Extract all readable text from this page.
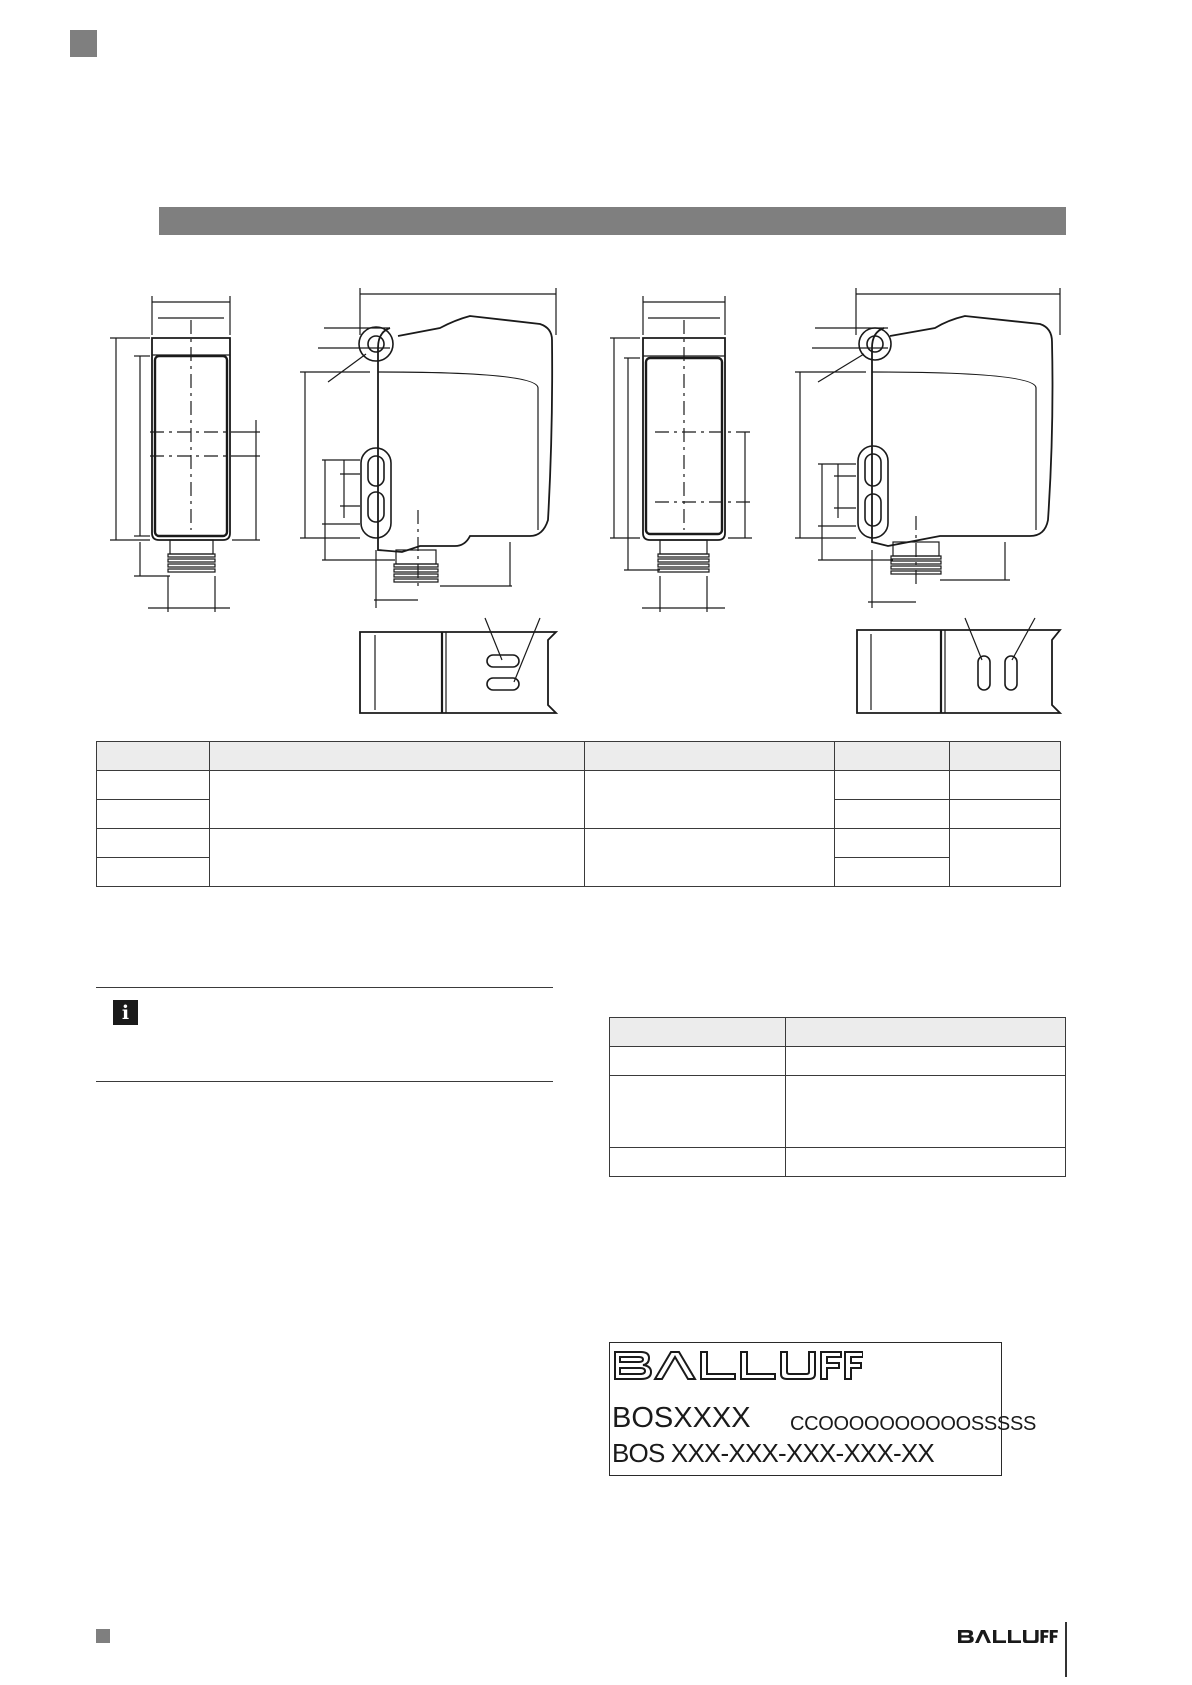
i

BOSXXXX CCOOOOOOOOOOSSSSS
BOS XXX-XXX-XXX-XXX-XX
